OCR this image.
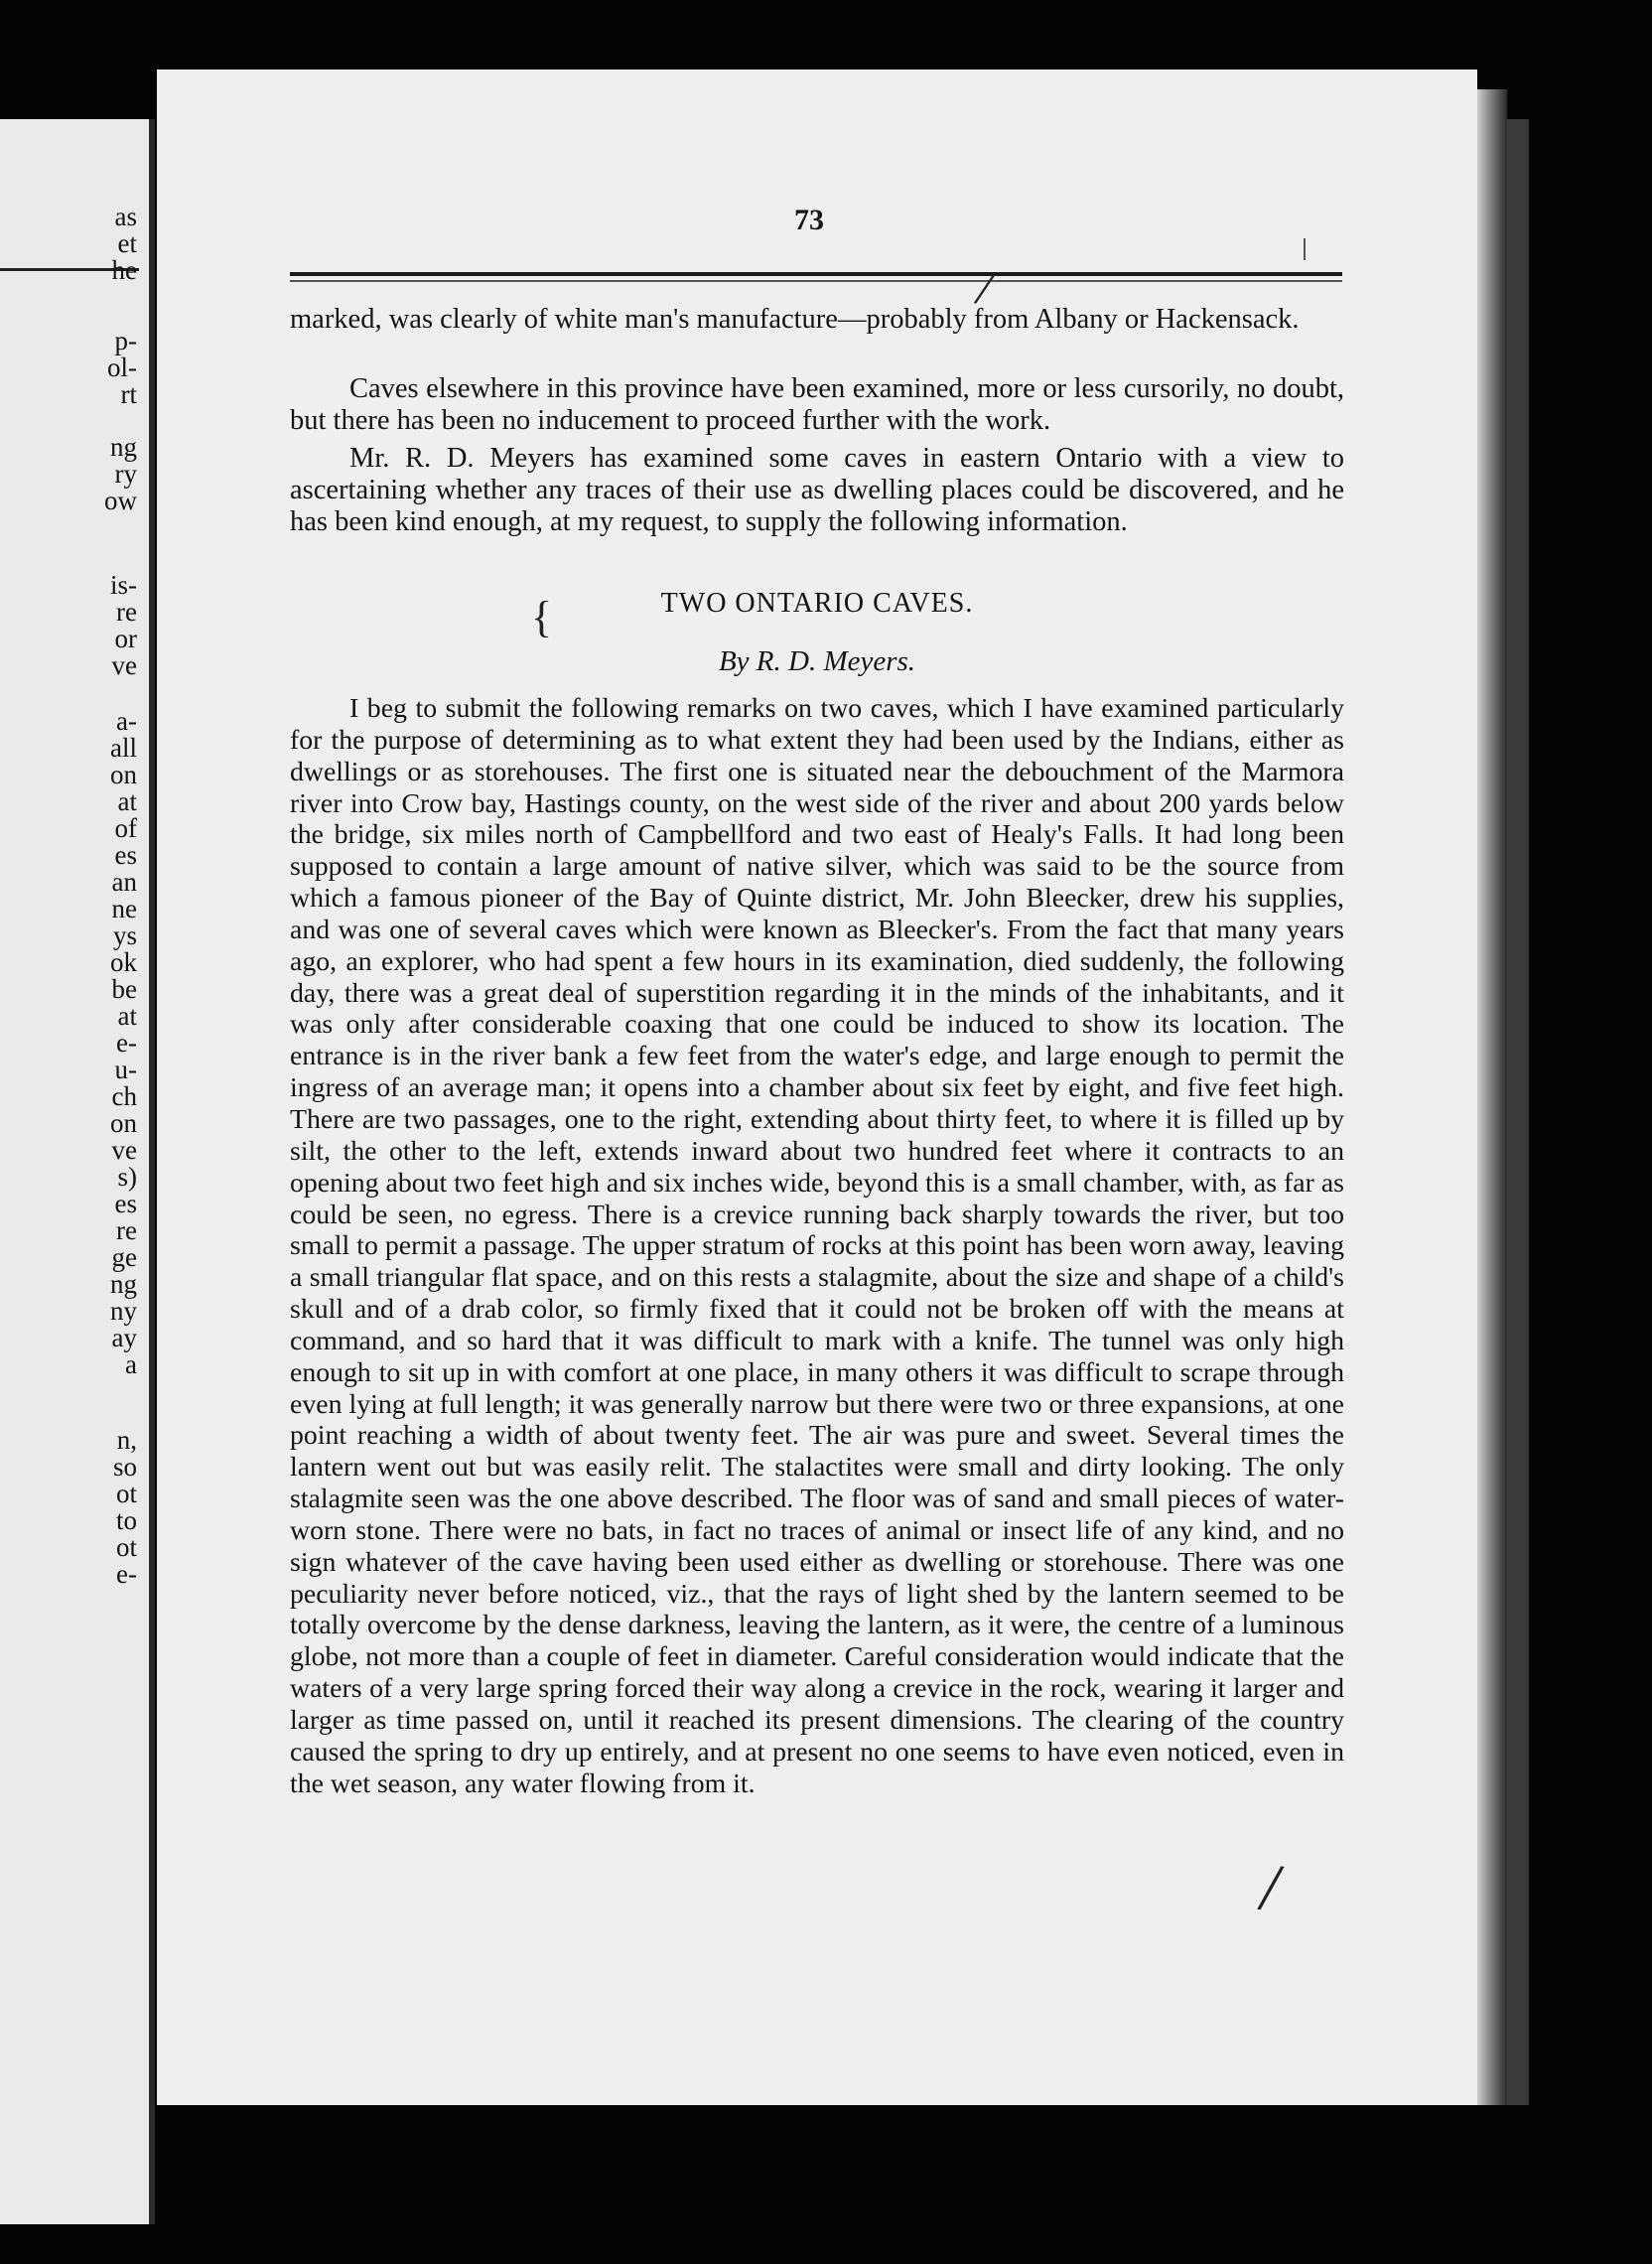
as
et
he
p-
ol-
rt
ng
ry
ow
is-
re
or
ve
a-
all
on
at
of
es
an
ne
ys
ok
be
at
e-
u-
ch
on
ve
s)
es
re
ge
ng
ny
ay
a
n,
so
ot
to
ot
e-
73

marked, was clearly of white man's manufacture—probably from Albany or Hackensack.

Caves elsewhere in this province have been examined, more or less cursorily, no doubt, but there has been no inducement to proceed further with the work.

Mr. R. D. Meyers has examined some caves in eastern Ontario with a view to ascertaining whether any traces of their use as dwelling places could be discovered, and he has been kind enough, at my request, to supply the following information.

TWO ONTARIO CAVES.

By R. D. Meyers.

I beg to submit the following remarks on two caves, which I have examined particularly for the purpose of determining as to what extent they had been used by the Indians, either as dwellings or as storehouses. The first one is situated near the debouchment of the Marmora river into Crow bay, Hastings county, on the west side of the river and about 200 yards below the bridge, six miles north of Campbellford and two east of Healy's Falls. It had long been supposed to contain a large amount of native silver, which was said to be the source from which a famous pioneer of the Bay of Quinte district, Mr. John Bleecker, drew his supplies, and was one of several caves which were known as Bleecker's. From the fact that many years ago, an explorer, who had spent a few hours in its examination, died suddenly, the following day, there was a great deal of superstition regarding it in the minds of the inhabitants, and it was only after considerable coaxing that one could be induced to show its location. The entrance is in the river bank a few feet from the water's edge, and large enough to permit the ingress of an average man; it opens into a chamber about six feet by eight, and five feet high. There are two passages, one to the right, extending about thirty feet, to where it is filled up by silt, the other to the left, extends inward about two hundred feet where it contracts to an opening about two feet high and six inches wide, beyond this is a small chamber, with, as far as could be seen, no egress. There is a crevice running back sharply towards the river, but too small to permit a passage. The upper stratum of rocks at this point has been worn away, leaving a small triangular flat space, and on this rests a stalagmite, about the size and shape of a child's skull and of a drab color, so firmly fixed that it could not be broken off with the means at command, and so hard that it was difficult to mark with a knife. The tunnel was only high enough to sit up in with comfort at one place, in many others it was difficult to scrape through even lying at full length; it was generally narrow but there were two or three expansions, at one point reaching a width of about twenty feet. The air was pure and sweet. Several times the lantern went out but was easily relit. The stalactites were small and dirty looking. The only stalagmite seen was the one above described. The floor was of sand and small pieces of water-worn stone. There were no bats, in fact no traces of animal or insect life of any kind, and no sign whatever of the cave having been used either as dwelling or storehouse. There was one peculiarity never before noticed, viz., that the rays of light shed by the lantern seemed to be totally overcome by the dense darkness, leaving the lantern, as it were, the centre of a luminous globe, not more than a couple of feet in diameter. Careful consideration would indicate that the waters of a very large spring forced their way along a crevice in the rock, wearing it larger and larger as time passed on, until it reached its present dimensions. The clearing of the country caused the spring to dry up entirely, and at present no one seems to have even noticed, even in the wet season, any water flowing from it.

{
/
/
